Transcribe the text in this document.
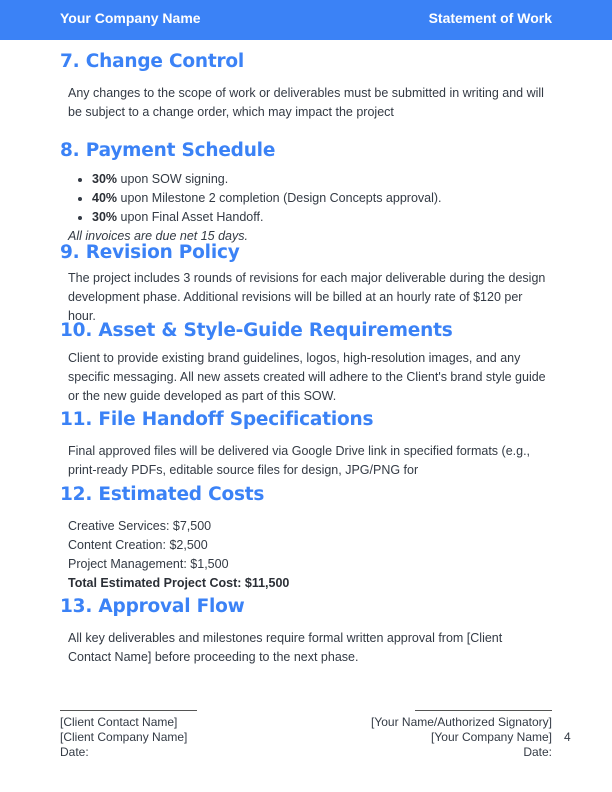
Your Company Name	Statement of Work
7. Change Control
Any changes to the scope of work or deliverables must be submitted in writing and will be subject to a change order, which may impact the project
8. Payment Schedule
• 30% upon SOW signing.
• 40% upon Milestone 2 completion (Design Concepts approval).
• 30% upon Final Asset Handoff.
All invoices are due net 15 days.
9. Revision Policy
The project includes 3 rounds of revisions for each major deliverable during the design development phase. Additional revisions will be billed at an hourly rate of $120 per hour.
10. Asset & Style-Guide Requirements
Client to provide existing brand guidelines, logos, high-resolution images, and any specific messaging. All new assets created will adhere to the Client's brand style guide or the new guide developed as part of this SOW.
11. File Handoff Specifications
Final approved files will be delivered via Google Drive link in specified formats (e.g., print-ready PDFs, editable source files for design, JPG/PNG for
12. Estimated Costs
Creative Services: $7,500
Content Creation: $2,500
Project Management: $1,500
Total Estimated Project Cost: $11,500
13. Approval Flow
All key deliverables and milestones require formal written approval from [Client Contact Name] before proceeding to the next phase.
[Client Contact Name]
[Client Company Name]
Date:
[Your Name/Authorized Signatory]
[Your Company Name]
Date:
4
